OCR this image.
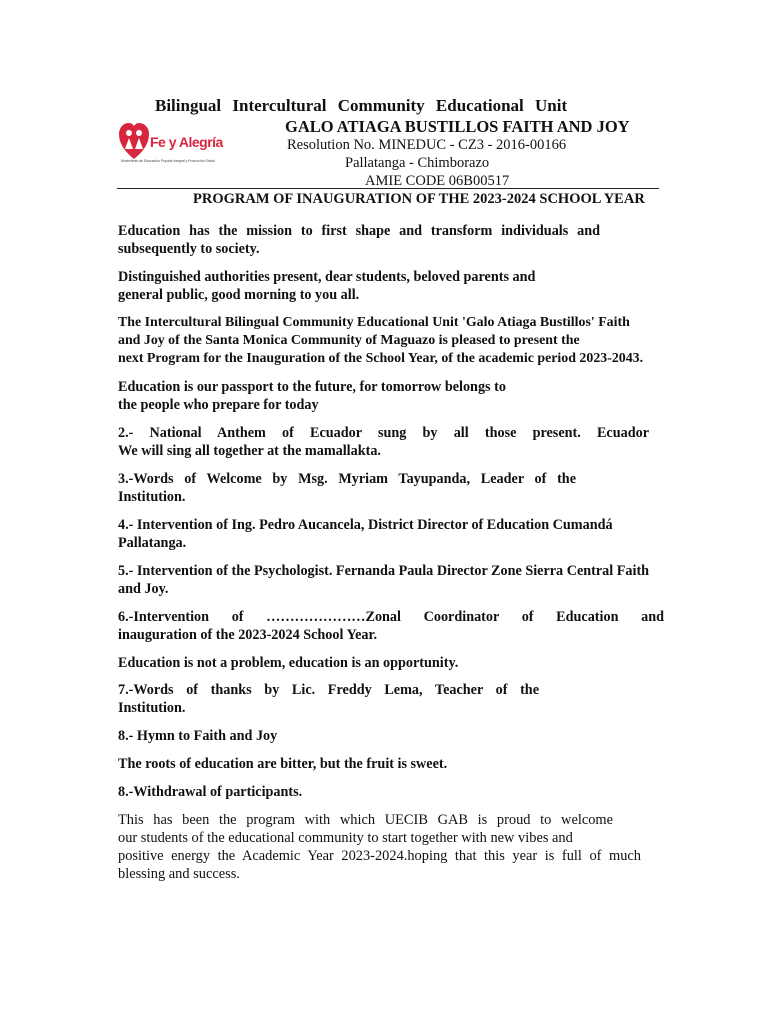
Fe y Alegría
Movimiento de Educación Popular Integral y Promoción Social
Bilingual Intercultural Community Educational Unit
GALO ATIAGA BUSTILLOS FAITH AND JOY
Resolution No. MINEDUC - CZ3 - 2016-00166
Pallatanga - Chimborazo
AMIE CODE 06B00517
PROGRAM OF INAUGURATION OF THE 2023-2024 SCHOOL YEAR

Education has the mission to first shape and transform individuals and
subsequently to society.

Distinguished authorities present, dear students, beloved parents and
general public, good morning to you all.

The Intercultural Bilingual Community Educational Unit 'Galo Atiaga Bustillos' Faith
and Joy of the Santa Monica Community of Maguazo is pleased to present the
next Program for the Inauguration of the School Year, of the academic period 2023-2043.

Education is our passport to the future, for tomorrow belongs to
the people who prepare for today

2.- National Anthem of Ecuador sung by all those present. Ecuador
We will sing all together at the mamallakta.

3.-Words of Welcome by Msg. Myriam Tayupanda, Leader of the
Institution.

4.- Intervention of Ing. Pedro Aucancela, District Director of Education Cumandá
Pallatanga.

5.- Intervention of the Psychologist. Fernanda Paula Director Zone Sierra Central Faith
and Joy.

6.-Intervention of …………………Zonal Coordinator of Education and
inauguration of the 2023-2024 School Year.

Education is not a problem, education is an opportunity.

7.-Words of thanks by Lic. Freddy Lema, Teacher of the
Institution.

8.- Hymn to Faith and Joy

The roots of education are bitter, but the fruit is sweet.

8.-Withdrawal of participants.

This has been the program with which UECIB GAB is proud to welcome
our students of the educational community to start together with new vibes and
positive energy the Academic Year 2023-2024.hoping that this year is full of much
blessing and success.
